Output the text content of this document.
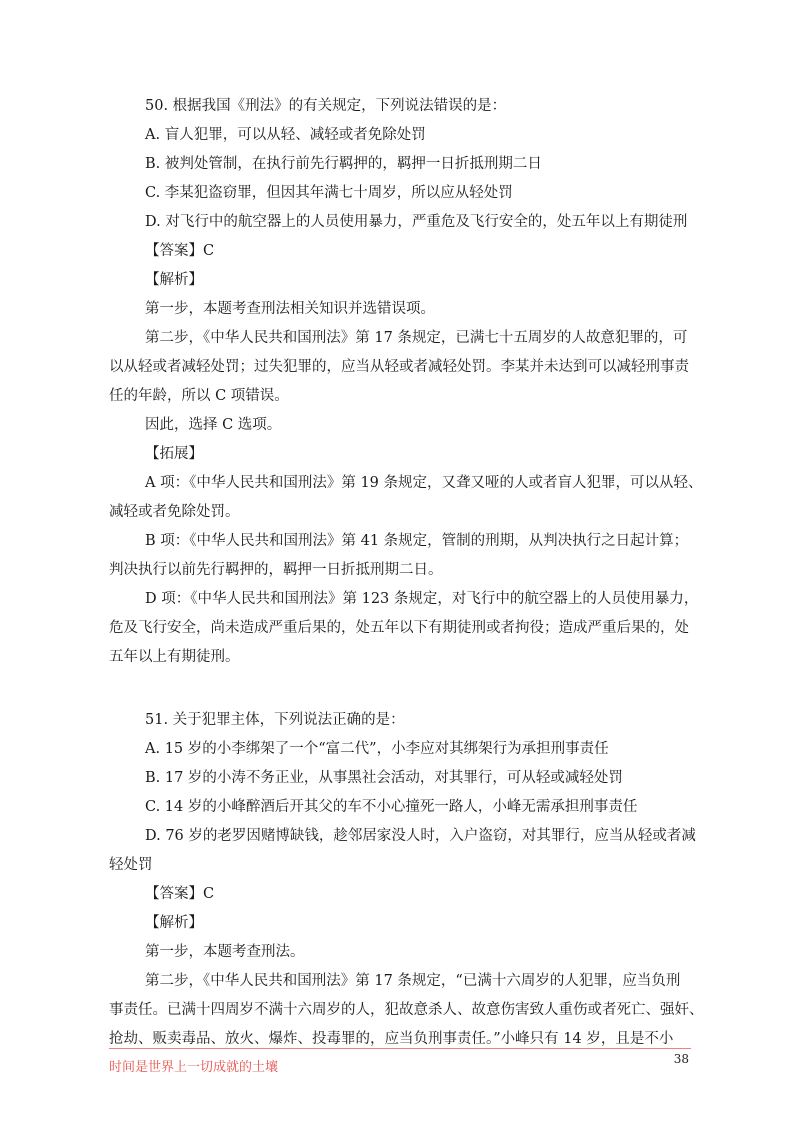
50. 根据我国《刑法》的有关规定，下列说法错误的是：

A. 盲人犯罪，可以从轻、减轻或者免除处罚

B. 被判处管制，在执行前先行羁押的，羁押一日折抵刑期二日

C. 李某犯盗窃罪，但因其年满七十周岁，所以应从轻处罚

D. 对飞行中的航空器上的人员使用暴力，严重危及飞行安全的，处五年以上有期徒刑

【答案】C

【解析】

第一步，本题考查刑法相关知识并选错误项。

第二步，《中华人民共和国刑法》第 17 条规定，已满七十五周岁的人故意犯罪的，可

以从轻或者减轻处罚；过失犯罪的，应当从轻或者减轻处罚。李某并未达到可以减轻刑事责

任的年龄，所以 C 项错误。

因此，选择 C 选项。

【拓展】

A 项：《中华人民共和国刑法》第 19 条规定，又聋又哑的人或者盲人犯罪，可以从轻、

减轻或者免除处罚。

B 项：《中华人民共和国刑法》第 41 条规定，管制的刑期，从判决执行之日起计算；

判决执行以前先行羁押的，羁押一日折抵刑期二日。

D 项：《中华人民共和国刑法》第 123 条规定，对飞行中的航空器上的人员使用暴力，

危及飞行安全，尚未造成严重后果的，处五年以下有期徒刑或者拘役；造成严重后果的，处

五年以上有期徒刑。

51. 关于犯罪主体，下列说法正确的是：

A. 15 岁的小李绑架了一个“富二代”，小李应对其绑架行为承担刑事责任

B. 17 岁的小涛不务正业，从事黑社会活动，对其罪行，可从轻或减轻处罚

C. 14 岁的小峰醉酒后开其父的车不小心撞死一路人，小峰无需承担刑事责任

D. 76 岁的老罗因赌博缺钱，趁邻居家没人时，入户盗窃，对其罪行，应当从轻或者减

轻处罚

【答案】C

【解析】

第一步，本题考查刑法。

第二步，《中华人民共和国刑法》第 17 条规定，“已满十六周岁的人犯罪，应当负刑

事责任。已满十四周岁不满十六周岁的人，犯故意杀人、故意伤害致人重伤或者死亡、强奸、

抢劫、贩卖毒品、放火、爆炸、投毒罪的，应当负刑事责任。”小峰只有 14 岁，且是不小

时间是世界上一切成就的土壤
38
